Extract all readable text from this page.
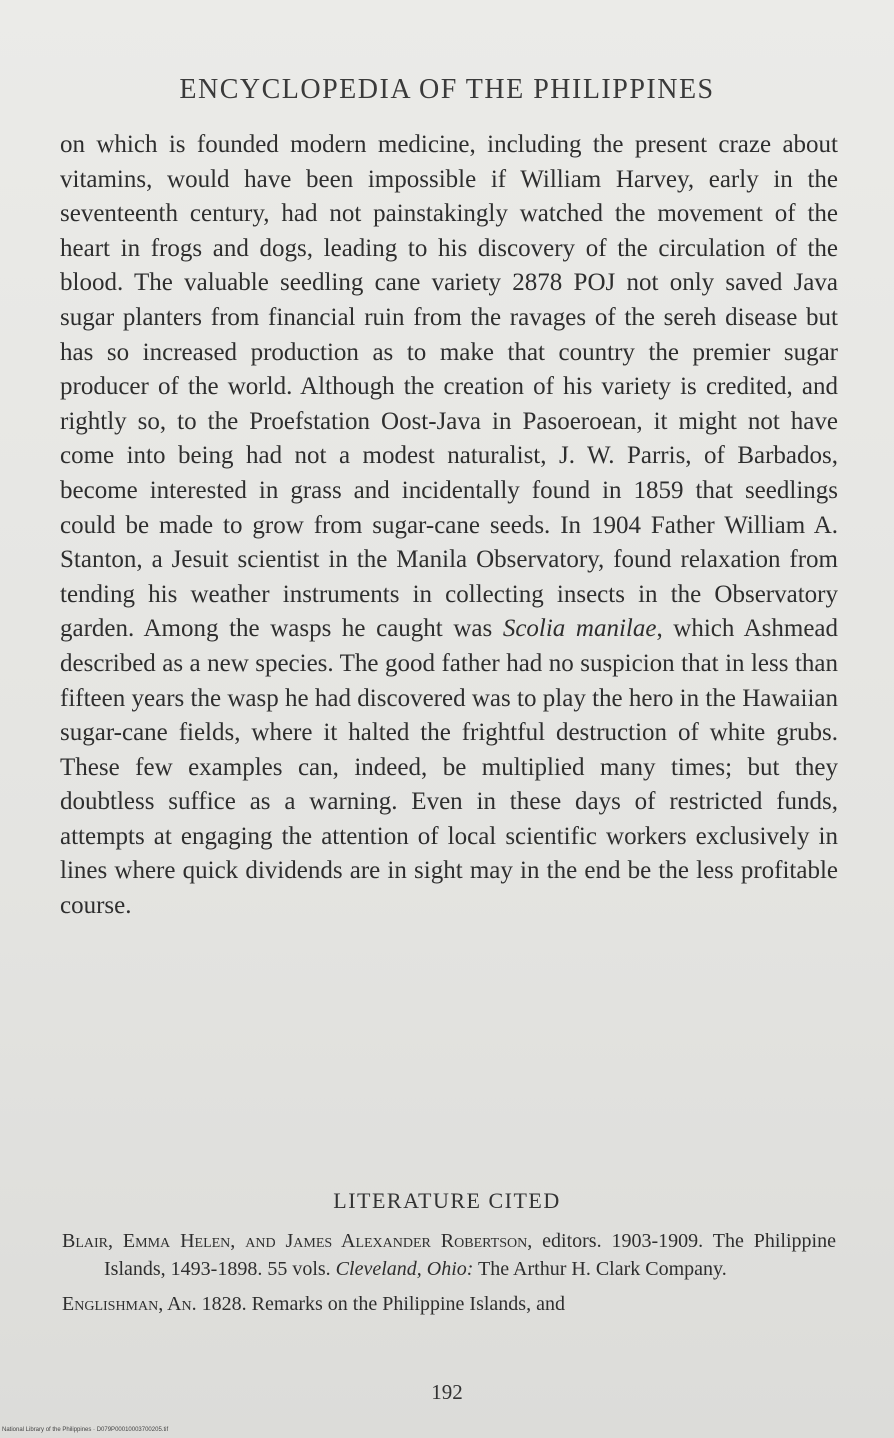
ENCYCLOPEDIA OF THE PHILIPPINES

on which is founded modern medicine, including the present craze about vitamins, would have been impossible if William Harvey, early in the seventeenth century, had not painstakingly watched the movement of the heart in frogs and dogs, leading to his discovery of the circulation of the blood. The valuable seedling cane variety 2878 POJ not only saved Java sugar planters from financial ruin from the ravages of the sereh disease but has so increased production as to make that country the premier sugar producer of the world. Although the creation of his variety is credited, and rightly so, to the Proefstation Oost-Java in Pasoeroean, it might not have come into being had not a modest naturalist, J. W. Parris, of Barbados, become interested in grass and incidentally found in 1859 that seedlings could be made to grow from sugar-cane seeds. In 1904 Father William A. Stanton, a Jesuit scientist in the Manila Observatory, found relaxation from tending his weather instruments in collecting insects in the Observatory garden. Among the wasps he caught was Scolia manilae, which Ashmead described as a new species. The good father had no suspicion that in less than fifteen years the wasp he had discovered was to play the hero in the Hawaiian sugar-cane fields, where it halted the frightful destruction of white grubs. These few examples can, indeed, be multiplied many times; but they doubtless suffice as a warning. Even in these days of restricted funds, attempts at engaging the attention of local scientific workers exclusively in lines where quick dividends are in sight may in the end be the less profitable course.

LITERATURE CITED

Blair, Emma Helen, and James Alexander Robertson, editors. 1903-1909. The Philippine Islands, 1493-1898. 55 vols. Cleveland, Ohio: The Arthur H. Clark Company.

Englishman, An. 1828. Remarks on the Philippine Islands, and

192
National Library of the Philippines · D079P00010003700205.tif
